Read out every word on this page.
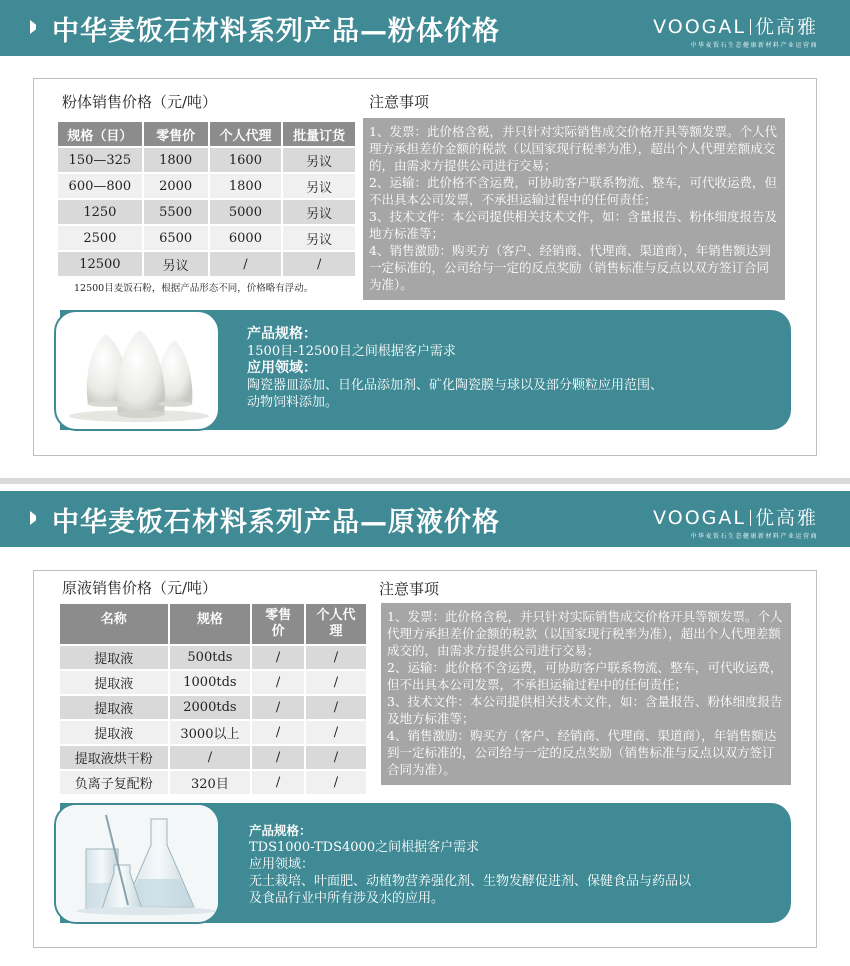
中华麦饭石材料系列产品—粉体价格	VOOGAL 优高雅
中华麦饭石生态健康新材料产业运营商
粉体销售价格（元/吨）	注意事项
规格（目）	零售价	个人代理	批量订货
150—325	1800	1600	另议
600—800	2000	1800	另议
1250	5500	5000	另议
2500	6500	6000	另议
12500	另议	/	/
12500目麦饭石粉，根据产品形态不同，价格略有浮动。

1、发票：此价格含税，并只针对实际销售成交价格开具等额发票。个人代理方承担差价金额的税款（以国家现行税率为准），超出个人代理差额成交的，由需求方提供公司进行交易；

2、运输：此价格不含运费，可协助客户联系物流、整车，可代收运费，但不出具本公司发票，不承担运输过程中的任何责任；

3、技术文件：本公司提供相关技术文件，如：含量报告、粉体细度报告及地方标准等；

4、销售激励：购买方（客户、经销商、代理商、渠道商），年销售额达到一定标准的，公司给与一定的反点奖励（销售标准与反点以双方签订合同为准）。

产品规格：
1500目-12500目之间根据客户需求
应用领域：
陶瓷器皿添加、日化品添加剂、矿化陶瓷膜与球以及部分颗粒应用范围、动物饲料添加。
中华麦饭石材料系列产品—原液价格	VOOGAL 优高雅
中华麦饭石生态健康新材料产业运营商
原液销售价格（元/吨）	注意事项
名称	规格	零售价	个人代理
提取液	500tds	/	/
提取液	1000tds	/	/
提取液	2000tds	/	/
提取液	3000以上	/	/
提取液烘干粉	/	/	/
负离子复配粉	320目	/	/

1、发票：此价格含税，并只针对实际销售成交价格开具等额发票。个人代理方承担差价金额的税款（以国家现行税率为准），超出个人代理差额成交的，由需求方提供公司进行交易；

2、运输：此价格不含运费，可协助客户联系物流、整车，可代收运费，但不出具本公司发票，不承担运输过程中的任何责任；

3、技术文件：本公司提供相关技术文件，如：含量报告、粉体细度报告及地方标准等；

4、销售激励：购买方（客户、经销商、代理商、渠道商），年销售额达到一定标准的，公司给与一定的反点奖励（销售标准与反点以双方签订合同为准）。

产品规格：
TDS1000-TDS4000之间根据客户需求
应用领域：
无土栽培、叶面肥、动植物营养强化剂、生物发酵促进剂、保健食品与药品以及食品行业中所有涉及水的应用。
